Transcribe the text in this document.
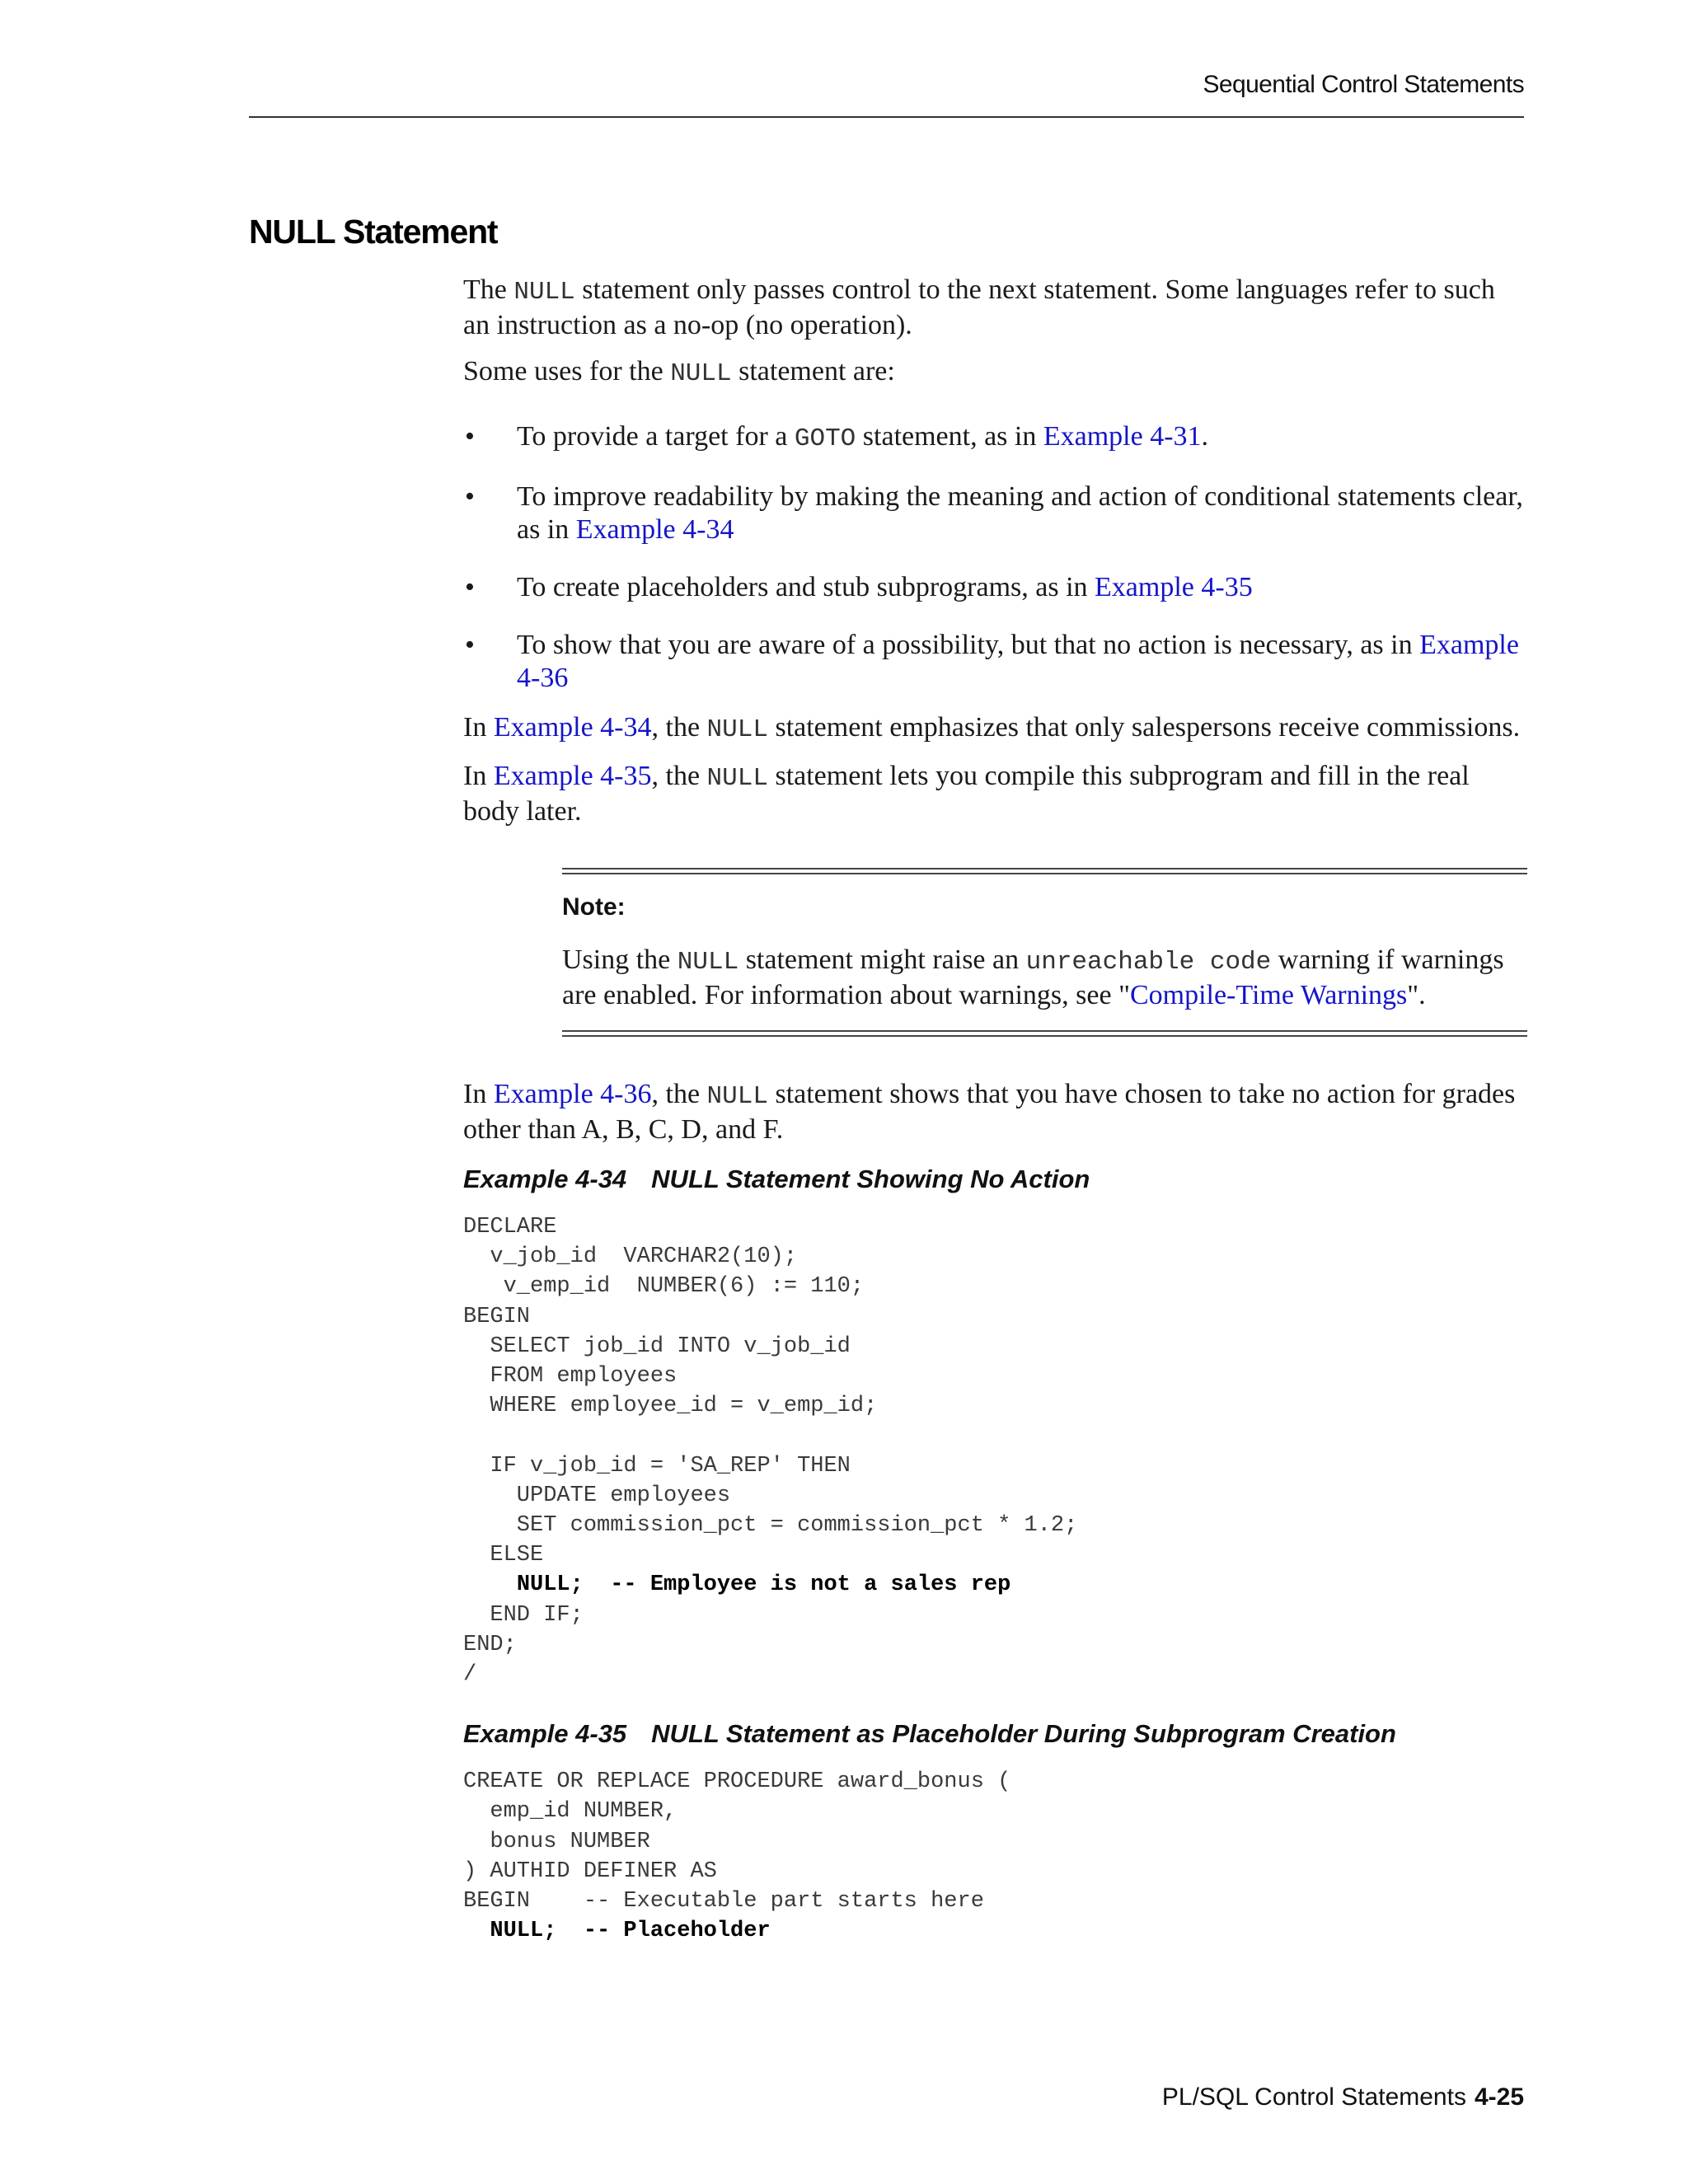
Sequential Control Statements
NULL Statement

The NULL statement only passes control to the next statement. Some languages refer to such an instruction as a no-op (no operation).

Some uses for the NULL statement are:

• To provide a target for a GOTO statement, as in Example 4-31.
• To improve readability by making the meaning and action of conditional statements clear, as in Example 4-34
• To create placeholders and stub subprograms, as in Example 4-35
• To show that you are aware of a possibility, but that no action is necessary, as in Example 4-36

In Example 4-34, the NULL statement emphasizes that only salespersons receive commissions.

In Example 4-35, the NULL statement lets you compile this subprogram and fill in the real body later.

Note:

Using the NULL statement might raise an unreachable code warning if warnings are enabled. For information about warnings, see "Compile-Time Warnings".

In Example 4-36, the NULL statement shows that you have chosen to take no action for grades other than A, B, C, D, and F.

Example 4-34 NULL Statement Showing No Action

DECLARE
v_job_id  VARCHAR2(10);
v_emp_id  NUMBER(6) := 110;
BEGIN
SELECT job_id INTO v_job_id
FROM employees
WHERE employee_id = v_emp_id;

IF v_job_id = 'SA_REP' THEN
UPDATE employees
SET commission_pct = commission_pct * 1.2;
ELSE
NULL;  -- Employee is not a sales rep
END IF;
END;
/

Example 4-35 NULL Statement as Placeholder During Subprogram Creation

CREATE OR REPLACE PROCEDURE award_bonus (
emp_id NUMBER,
bonus NUMBER
) AUTHID DEFINER AS
BEGIN    -- Executable part starts here
NULL;  -- Placeholder
PL/SQL Control Statements 4-25
